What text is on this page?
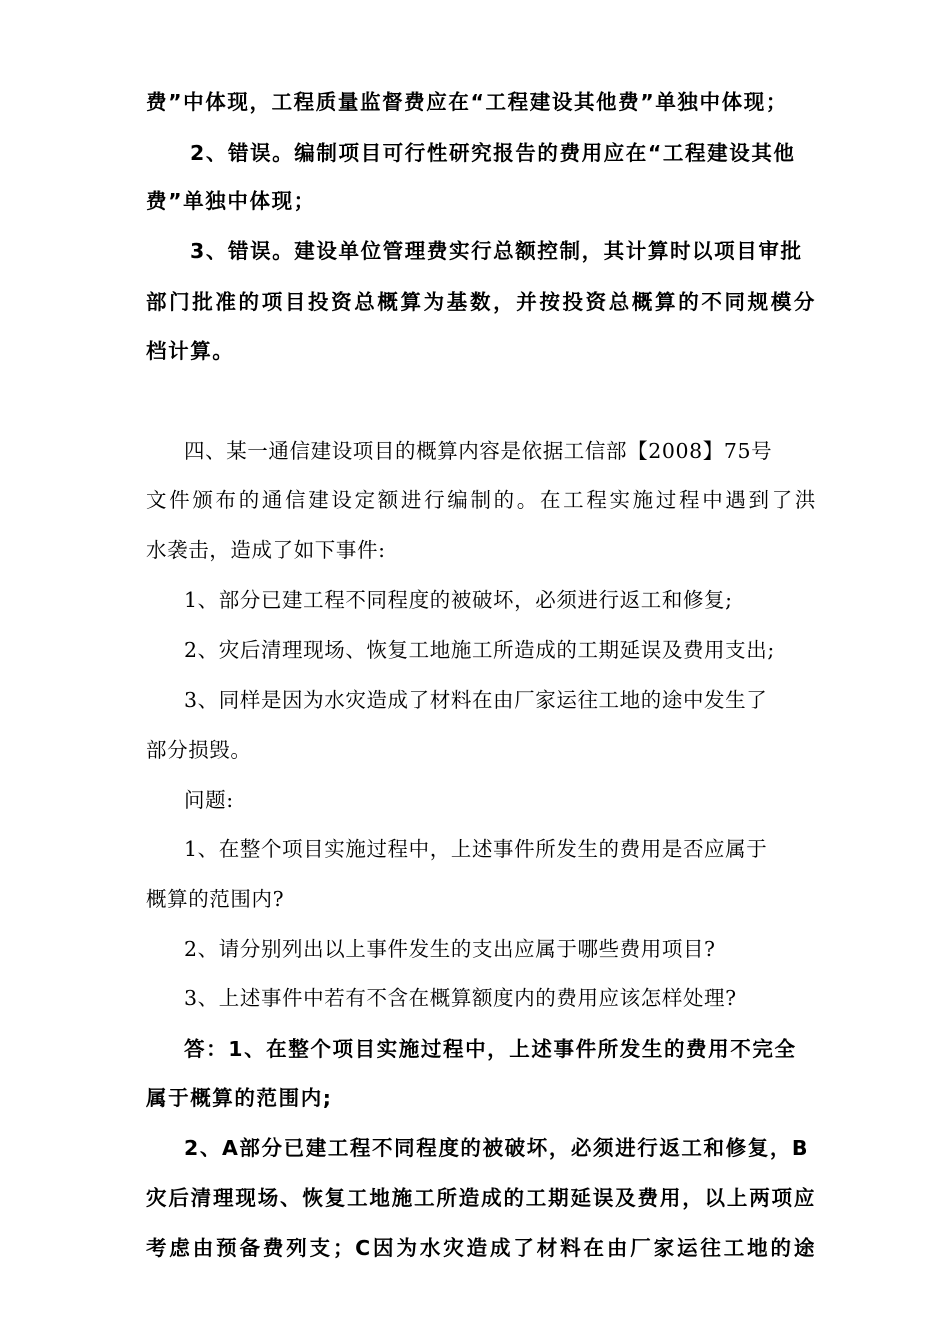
费”中体现，工程质量监督费应在“工程建设其他费”单独中体现；
2、错误。编制项目可行性研究报告的费用应在“工程建设其他
费”单独中体现；
3、错误。建设单位管理费实行总额控制，其计算时以项目审批
部门批准的项目投资总概算为基数，并按投资总概算的不同规模分
档计算。
四、某一通信建设项目的概算内容是依据工信部【2008】75号
文件颁布的通信建设定额进行编制的。在工程实施过程中遇到了洪
水袭击，造成了如下事件:
1、部分已建工程不同程度的被破坏，必须进行返工和修复;
2、灾后清理现场、恢复工地施工所造成的工期延误及费用支出;
3、同样是因为水灾造成了材料在由厂家运往工地的途中发生了
部分损毁。
问题:
1、在整个项目实施过程中，上述事件所发生的费用是否应属于
概算的范围内?
2、请分别列出以上事件发生的支出应属于哪些费用项目?
3、上述事件中若有不含在概算额度内的费用应该怎样处理?
答：1、在整个项目实施过程中，上述事件所发生的费用不完全
属于概算的范围内;
2、A部分已建工程不同程度的被破坏，必须进行返工和修复，B
灾后清理现场、恢复工地施工所造成的工期延误及费用，以上两项应
考虑由预备费列支；C因为水灾造成了材料在由厂家运往工地的途
